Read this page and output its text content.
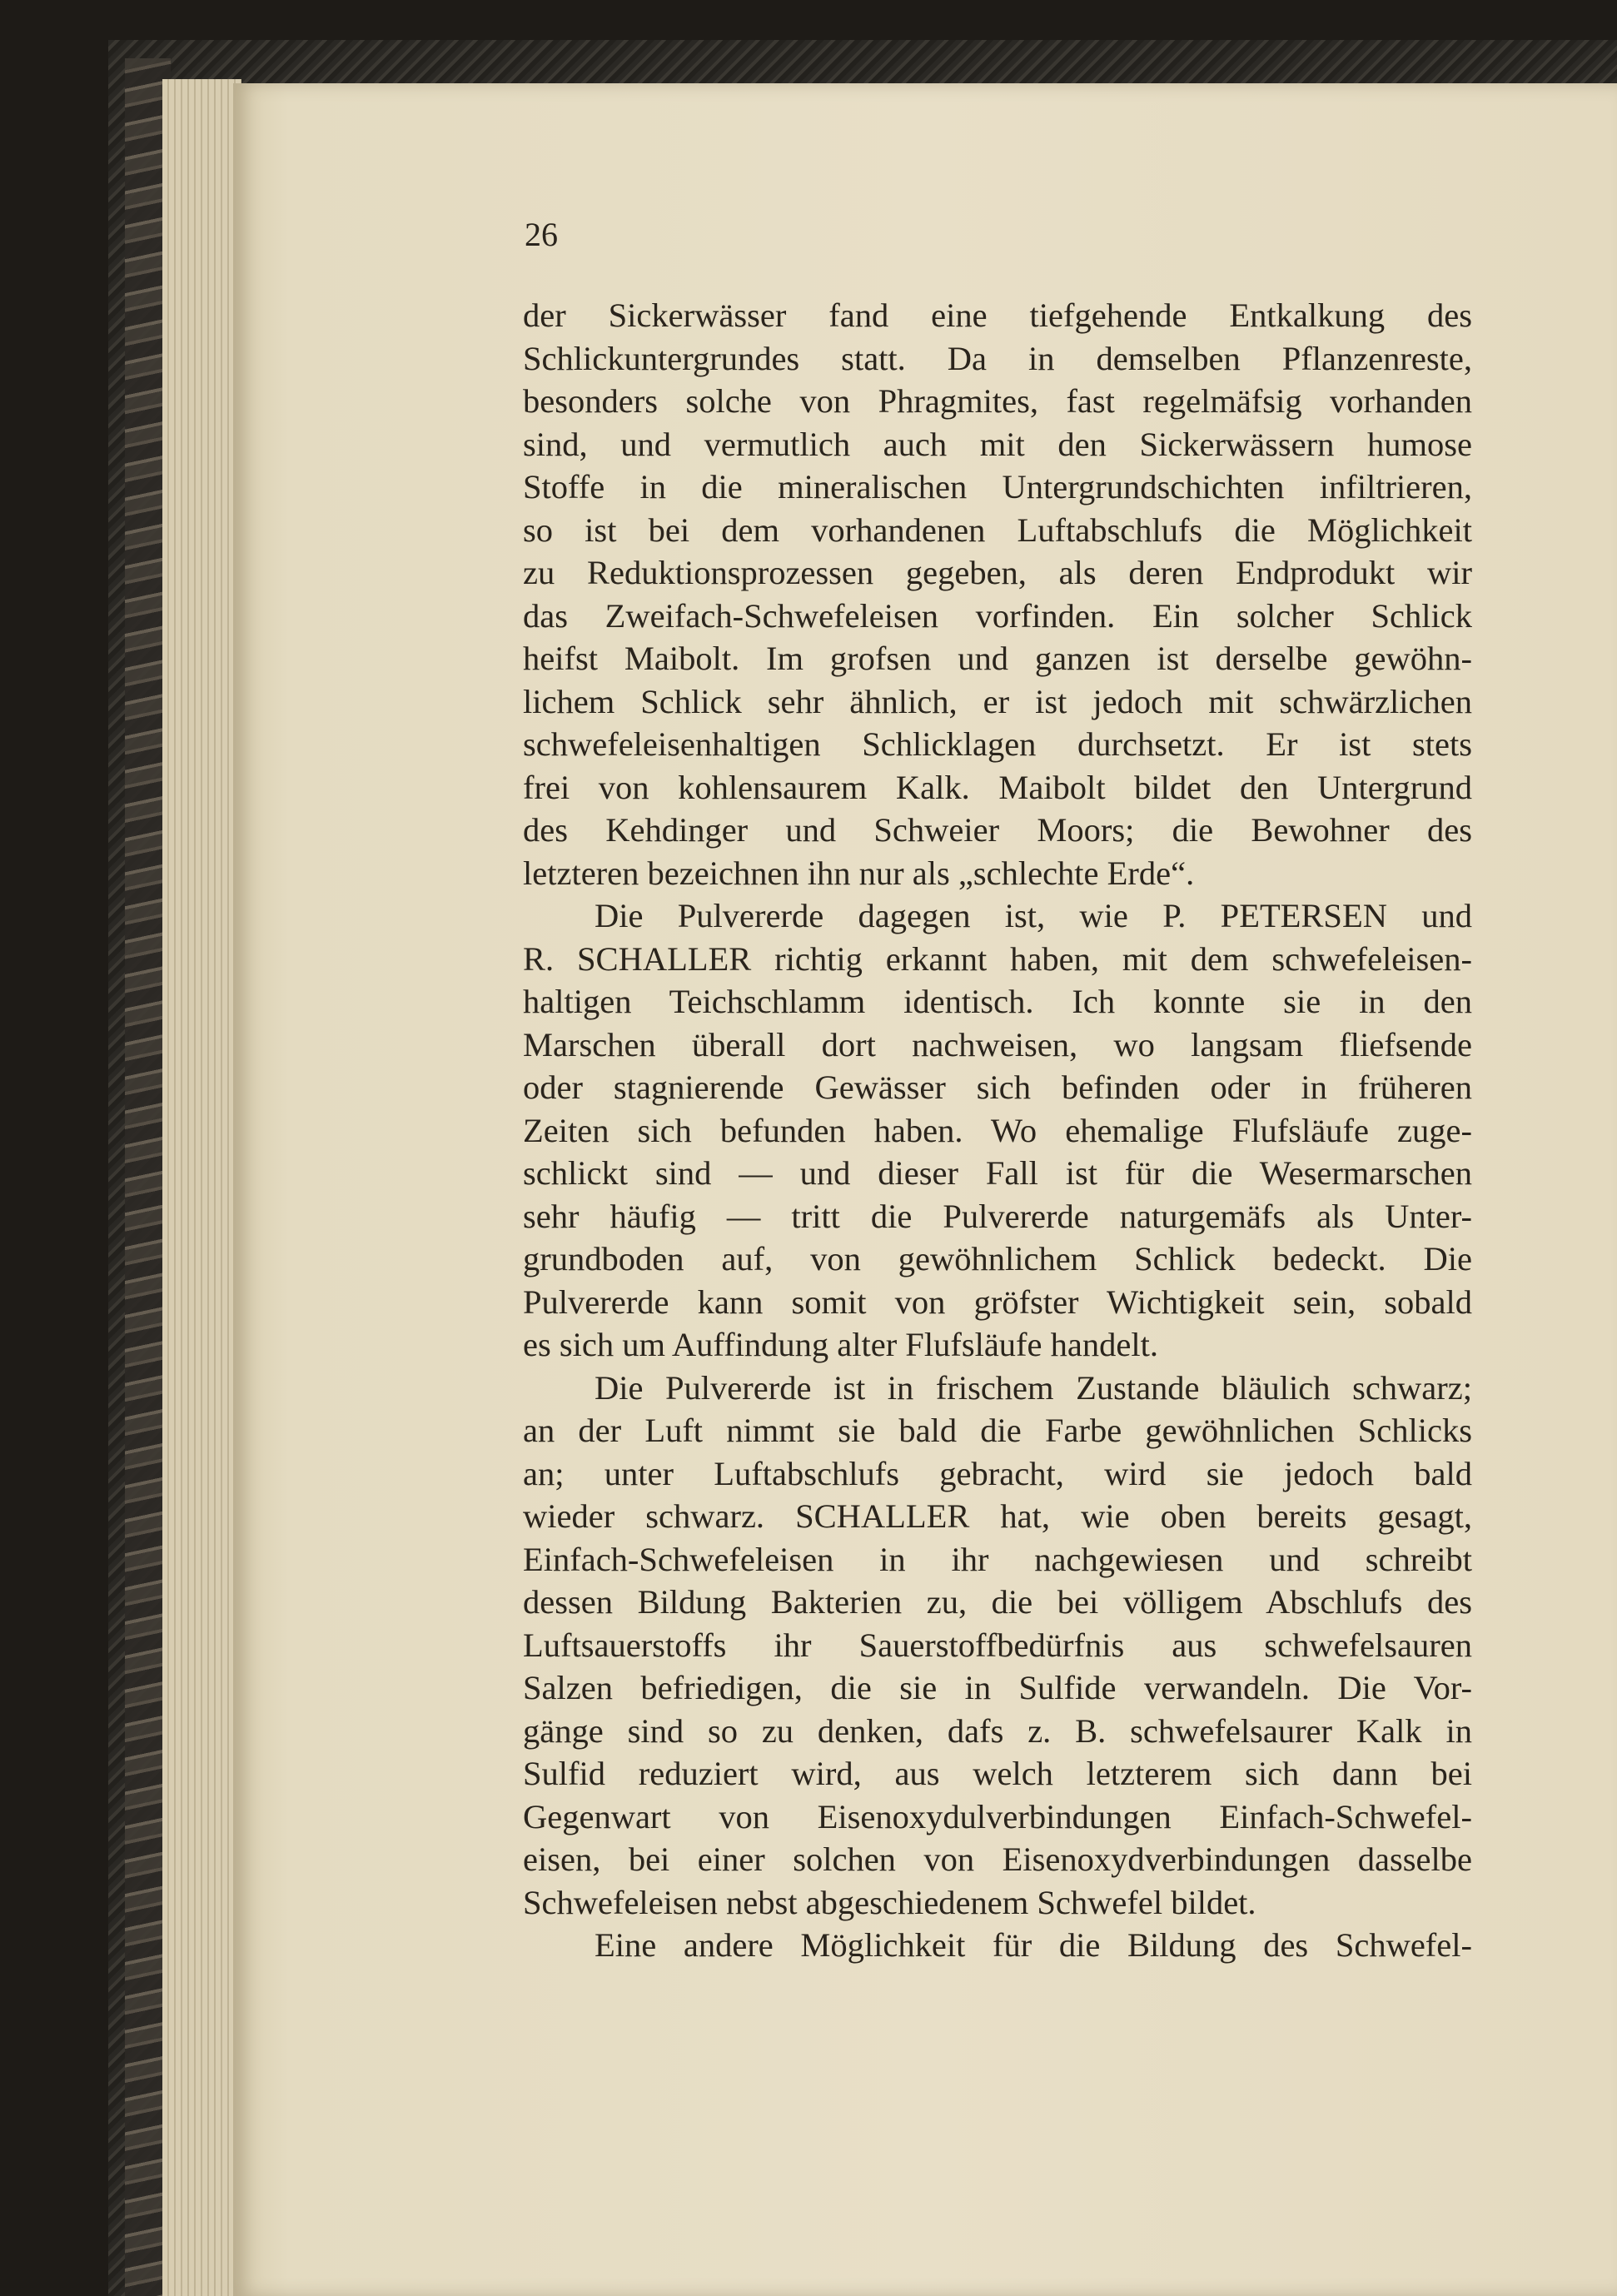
26
der Sickerwässer fand eine tiefgehende Entkalkung des
Schlickuntergrundes statt. Da in demselben Pflanzenreste,
besonders solche von Phragmites, fast regelmäfsig vorhanden
sind, und vermutlich auch mit den Sickerwässern humose
Stoffe in die mineralischen Untergrundschichten infiltrieren,
so ist bei dem vorhandenen Luftabschlufs die Möglichkeit
zu Reduktionsprozessen gegeben, als deren Endprodukt wir
das Zweifach-Schwefeleisen vorfinden. Ein solcher Schlick
heifst Maibolt. Im grofsen und ganzen ist derselbe gewöhn-
lichem Schlick sehr ähnlich, er ist jedoch mit schwärzlichen
schwefeleisenhaltigen Schlicklagen durchsetzt. Er ist stets
frei von kohlensaurem Kalk. Maibolt bildet den Untergrund
des Kehdinger und Schweier Moors; die Bewohner des
letzteren bezeichnen ihn nur als „schlechte Erde“.
Die Pulvererde dagegen ist, wie P. PETERSEN und
R. SCHALLER richtig erkannt haben, mit dem schwefeleisen-
haltigen Teichschlamm identisch. Ich konnte sie in den
Marschen überall dort nachweisen, wo langsam fliefsende
oder stagnierende Gewässer sich befinden oder in früheren
Zeiten sich befunden haben. Wo ehemalige Flufsläufe zuge-
schlickt sind — und dieser Fall ist für die Wesermarschen
sehr häufig — tritt die Pulvererde naturgemäfs als Unter-
grundboden auf, von gewöhnlichem Schlick bedeckt. Die
Pulvererde kann somit von gröfster Wichtigkeit sein, sobald
es sich um Auffindung alter Flufsläufe handelt.
Die Pulvererde ist in frischem Zustande bläulich schwarz;
an der Luft nimmt sie bald die Farbe gewöhnlichen Schlicks
an; unter Luftabschlufs gebracht, wird sie jedoch bald
wieder schwarz. SCHALLER hat, wie oben bereits gesagt,
Einfach-Schwefeleisen in ihr nachgewiesen und schreibt
dessen Bildung Bakterien zu, die bei völligem Abschlufs des
Luftsauerstoffs ihr Sauerstoffbedürfnis aus schwefelsauren
Salzen befriedigen, die sie in Sulfide verwandeln. Die Vor-
gänge sind so zu denken, dafs z. B. schwefelsaurer Kalk in
Sulfid reduziert wird, aus welch letzterem sich dann bei
Gegenwart von Eisenoxydulverbindungen Einfach-Schwefel-
eisen, bei einer solchen von Eisenoxydverbindungen dasselbe
Schwefeleisen nebst abgeschiedenem Schwefel bildet.
Eine andere Möglichkeit für die Bildung des Schwefel-
